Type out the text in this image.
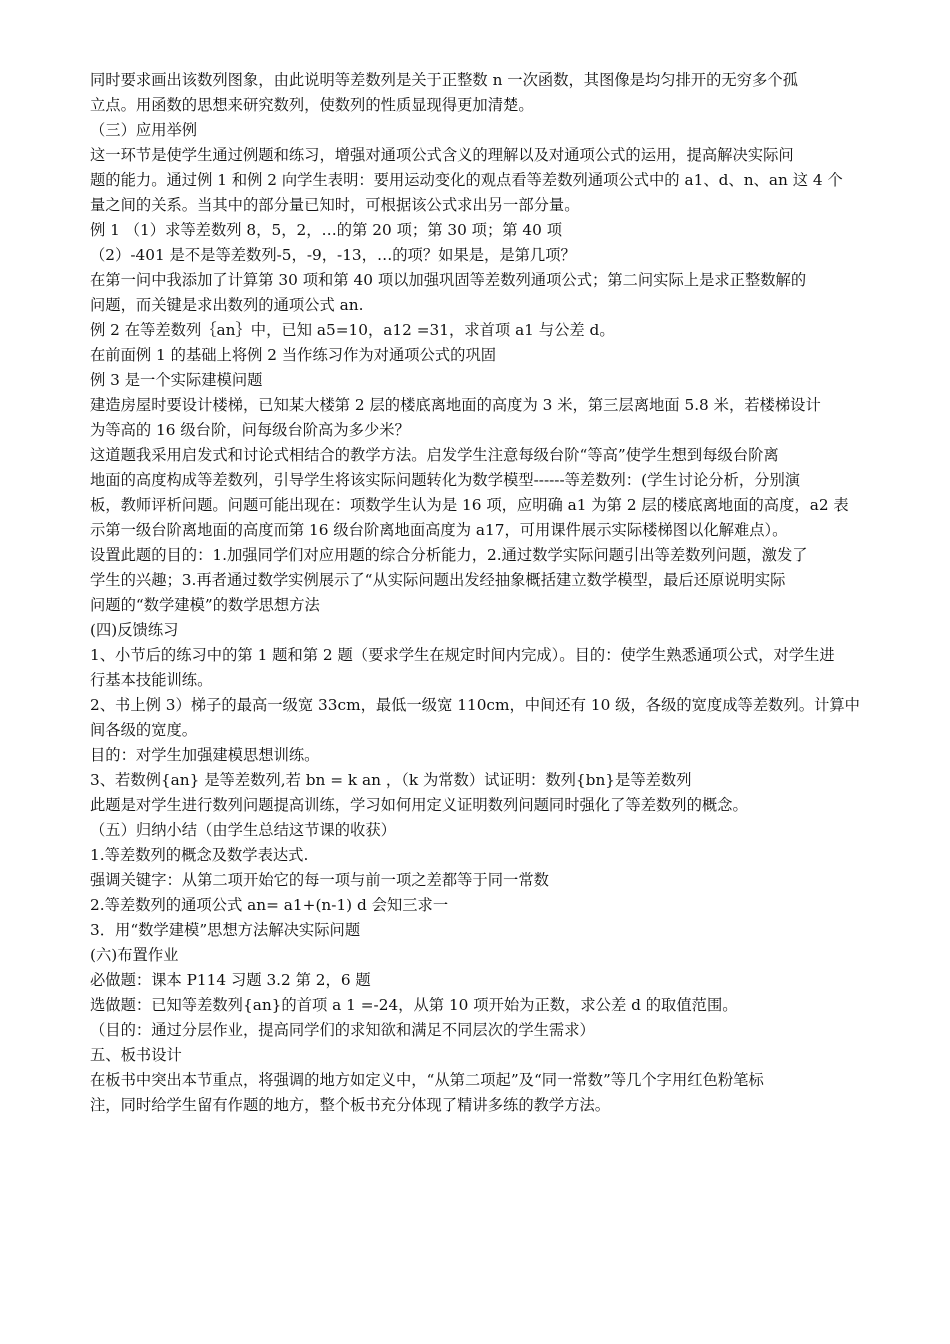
同时要求画出该数列图象，由此说明等差数列是关于正整数 n 一次函数，其图像是均匀排开的无穷多个孤
立点。用函数的思想来研究数列，使数列的性质显现得更加清楚。
（三）应用举例
这一环节是使学生通过例题和练习，增强对通项公式含义的理解以及对通项公式的运用，提高解决实际问
题的能力。通过例 1 和例 2 向学生表明：要用运动变化的观点看等差数列通项公式中的 a1、d、n、an 这 4 个
量之间的关系。当其中的部分量已知时，可根据该公式求出另一部分量。
例 1 （1）求等差数列 8，5，2，…的第 20 项；第 30 项；第 40 项
（2）-401 是不是等差数列-5，-9，-13，…的项？如果是，是第几项？
在第一问中我添加了计算第 30 项和第 40 项以加强巩固等差数列通项公式；第二问实际上是求正整数解的
问题，而关键是求出数列的通项公式 an.
例 2 在等差数列｛an｝中，已知 a5=10，a12 =31，求首项 a1 与公差 d。
在前面例 1 的基础上将例 2 当作练习作为对通项公式的巩固
例 3 是一个实际建模问题
建造房屋时要设计楼梯，已知某大楼第 2 层的楼底离地面的高度为 3 米，第三层离地面 5.8 米，若楼梯设计
为等高的 16 级台阶，问每级台阶高为多少米？
这道题我采用启发式和讨论式相结合的教学方法。启发学生注意每级台阶“等高”使学生想到每级台阶离
地面的高度构成等差数列，引导学生将该实际问题转化为数学模型------等差数列：(学生讨论分析，分别演
板，教师评析问题。问题可能出现在：项数学生认为是 16 项，应明确 a1 为第 2 层的楼底离地面的高度，a2 表
示第一级台阶离地面的高度而第 16 级台阶离地面高度为 a17，可用课件展示实际楼梯图以化解难点）。
设置此题的目的：1.加强同学们对应用题的综合分析能力，2.通过数学实际问题引出等差数列问题，激发了
学生的兴趣；3.再者通过数学实例展示了“从实际问题出发经抽象概括建立数学模型，最后还原说明实际
问题的“数学建模”的数学思想方法
(四)反馈练习
1、小节后的练习中的第 1 题和第 2 题（要求学生在规定时间内完成）。目的：使学生熟悉通项公式，对学生进
行基本技能训练。
2、书上例 3）梯子的最高一级宽 33cm，最低一级宽 110cm，中间还有 10 级，各级的宽度成等差数列。计算中
间各级的宽度。
目的：对学生加强建模思想训练。
3、若数例{an} 是等差数列,若 bn = k an ，（k 为常数）试证明：数列{bn}是等差数列
此题是对学生进行数列问题提高训练，学习如何用定义证明数列问题同时强化了等差数列的概念。
（五）归纳小结（由学生总结这节课的收获）
1.等差数列的概念及数学表达式.
强调关键字：从第二项开始它的每一项与前一项之差都等于同一常数
2.等差数列的通项公式 an= a1+(n-1) d 会知三求一
3．用“数学建模”思想方法解决实际问题
(六)布置作业
必做题：课本 P114 习题 3.2 第 2，6 题
选做题：已知等差数列{an}的首项 a 1 =-24，从第 10 项开始为正数，求公差 d 的取值范围。
（目的：通过分层作业，提高同学们的求知欲和满足不同层次的学生需求）
五、板书设计
在板书中突出本节重点，将强调的地方如定义中，“从第二项起”及“同一常数”等几个字用红色粉笔标
注，同时给学生留有作题的地方，整个板书充分体现了精讲多练的教学方法。
